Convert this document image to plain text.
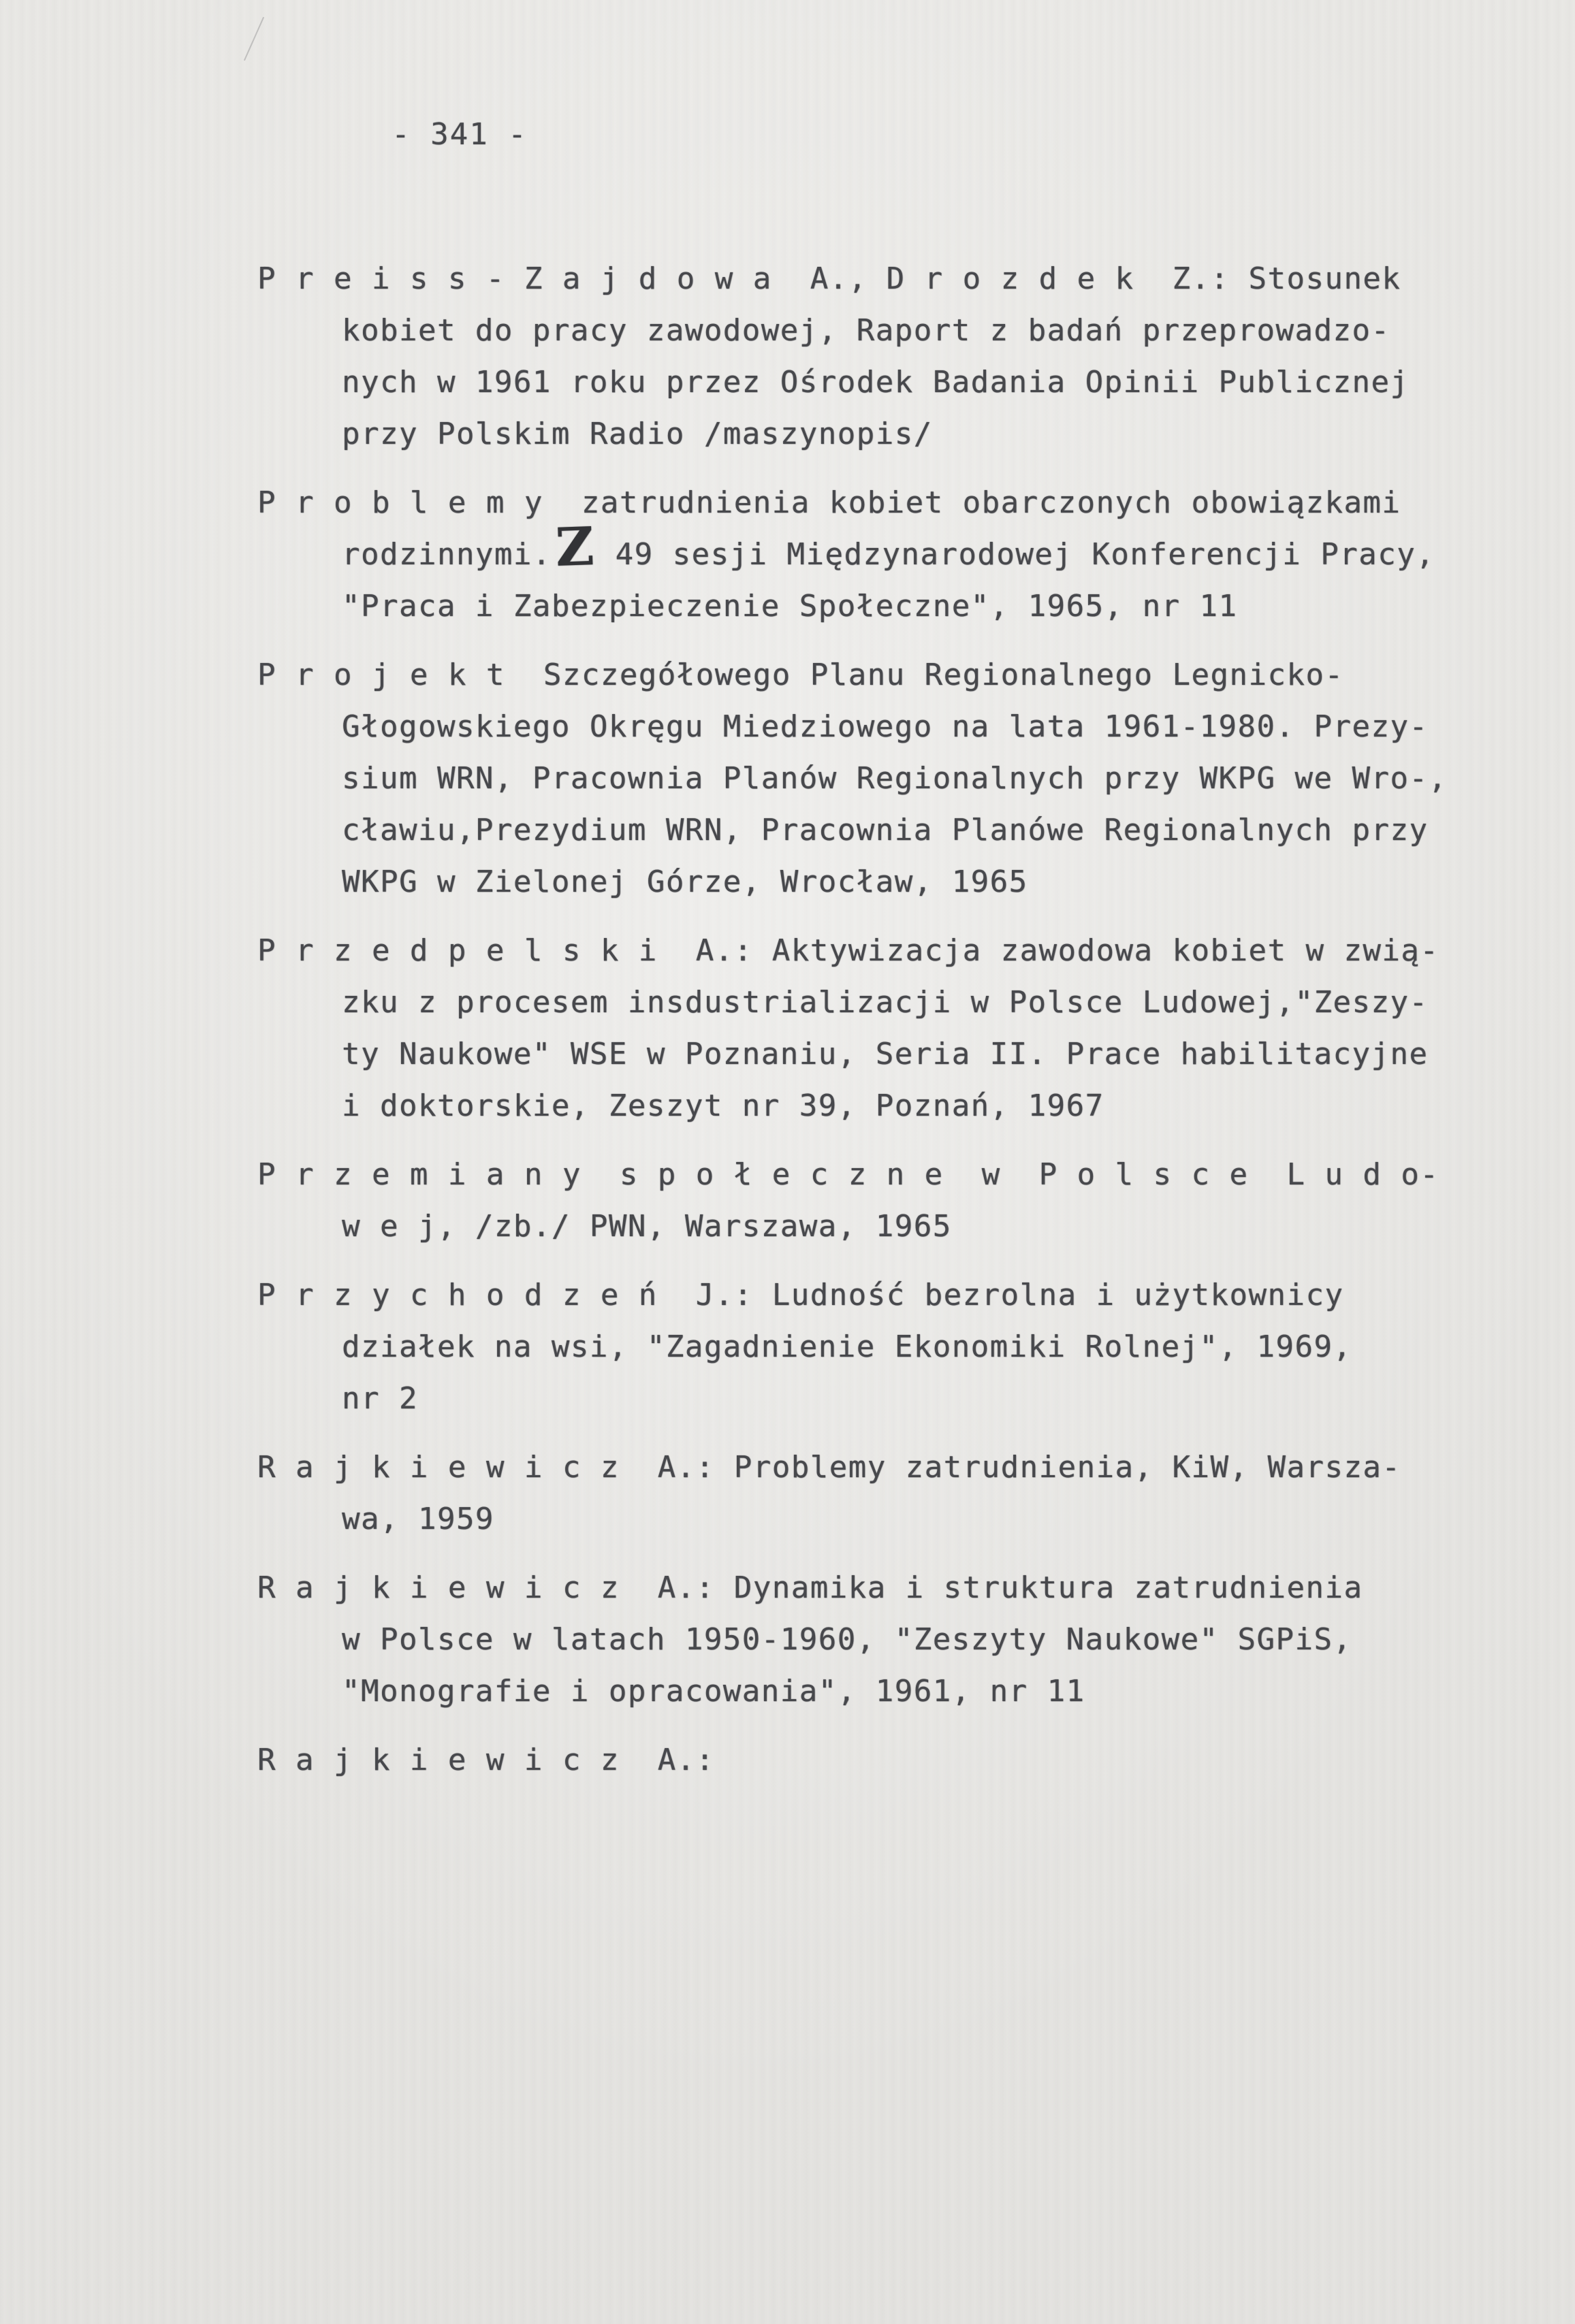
- 341 -
P r e i s s - Z a j d o w a  A., D r o z d e k  Z.: Stosunek
kobiet do pracy zawodowej, Raport z badań przeprowadzo-
nych w 1961 roku przez Ośrodek Badania Opinii Publicznej
przy Polskim Radio /maszynopis/
P r o b l e m y  zatrudnienia kobiet obarczonych obowiązkami
rodzinnymi.Z 49 sesji Międzynarodowej Konferencji Pracy,
"Praca i Zabezpieczenie Społeczne", 1965, nr 11
P r o j e k t  Szczegółowego Planu Regionalnego Legnicko-
Głogowskiego Okręgu Miedziowego na lata 1961-1980. Prezy-
sium WRN, Pracownia Planów Regionalnych przy WKPG we Wro-,
cławiu,Prezydium WRN, Pracownia Planówe Regionalnych przy
WKPG w Zielonej Górze, Wrocław, 1965
P r z e d p e l s k i  A.: Aktywizacja zawodowa kobiet w zwią-
zku z procesem insdustrializacji w Polsce Ludowej,"Zeszy-
ty Naukowe" WSE w Poznaniu, Seria II. Prace habilitacyjne
i doktorskie, Zeszyt nr 39, Poznań, 1967
P r z e m i a n y  s p o ł e c z n e  w  P o l s c e  L u d o-
w e j, /zb./ PWN, Warszawa, 1965
P r z y c h o d z e ń  J.: Ludność bezrolna i użytkownicy
działek na wsi, "Zagadnienie Ekonomiki Rolnej", 1969,
nr 2
R a j k i e w i c z  A.: Problemy zatrudnienia, KiW, Warsza-
wa, 1959
R a j k i e w i c z  A.: Dynamika i struktura zatrudnienia
w Polsce w latach 1950-1960, "Zeszyty Naukowe" SGPiS,
"Monografie i opracowania", 1961, nr 11
R a j k i e w i c z  A.:
